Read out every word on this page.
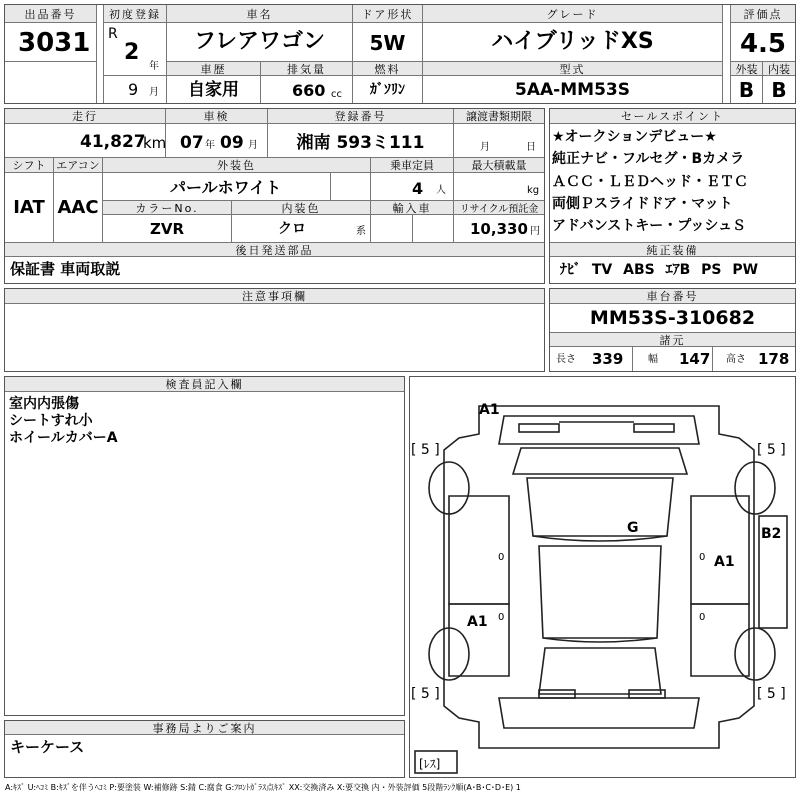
出品番号
3031
初度登録
R
2
年
9 月
車名
フレアワゴン
車歴	排気量
自家用	660 cc
ドア形状
5W
燃料
ｶﾞｿﾘﾝ
グレード
ハイブリッドXS
型式
5AA-MM53S
評価点
4.5
外装 内装
B B
走行
41,827
km
車検
07 年 09 月
登録番号
湘南 593ミ111
譲渡書類期限
月	日
シフト エアコン
IAT AAC
外装色
パールホワイト
乗車定員
4 人
最大積載量
kg
カラーNo.
ZVR
内装色
クロ	系
輸入車	リサイクル預託金
10,330 円
後日発送部品
保証書 車両取説
セールスポイント
★オークションデビュー★
純正ナビ・フルセグ・Bカメラ
ＡＣＣ・ＬＥＤヘッド・ＥＴＣ
両側Ｐスライドドア・マット
アドバンストキー・プッシュＳ
純正装備
ﾅﾋﾞ TV ABS ｴｱB PS PW
注意事項欄	車台番号
MM53S-310682
諸元
長さ 339 幅 147 高さ 178
検査員記入欄
室内内張傷
シートすれ小
ホイールカバーA
事務局よりご案内
キーケース
A1
G
A1
A1
B2
[ 5 ]	[ 5 ]
[ 5 ]	[ 5 ]
[ﾚｽ]
0
0
0
0
A:ｷｽﾞ U:ﾍｺﾐ B:ｷｽﾞを伴うﾍｺﾐ P:要塗装 W:補修跡 S:錆 C:腐食 G:ﾌﾛﾝﾄｶﾞﾗｽ点ｷｽﾞ XX:交換済み X:要交換 内・外装評価 5段階ﾗﾝｸ順(A･B･C･D･E) 1
